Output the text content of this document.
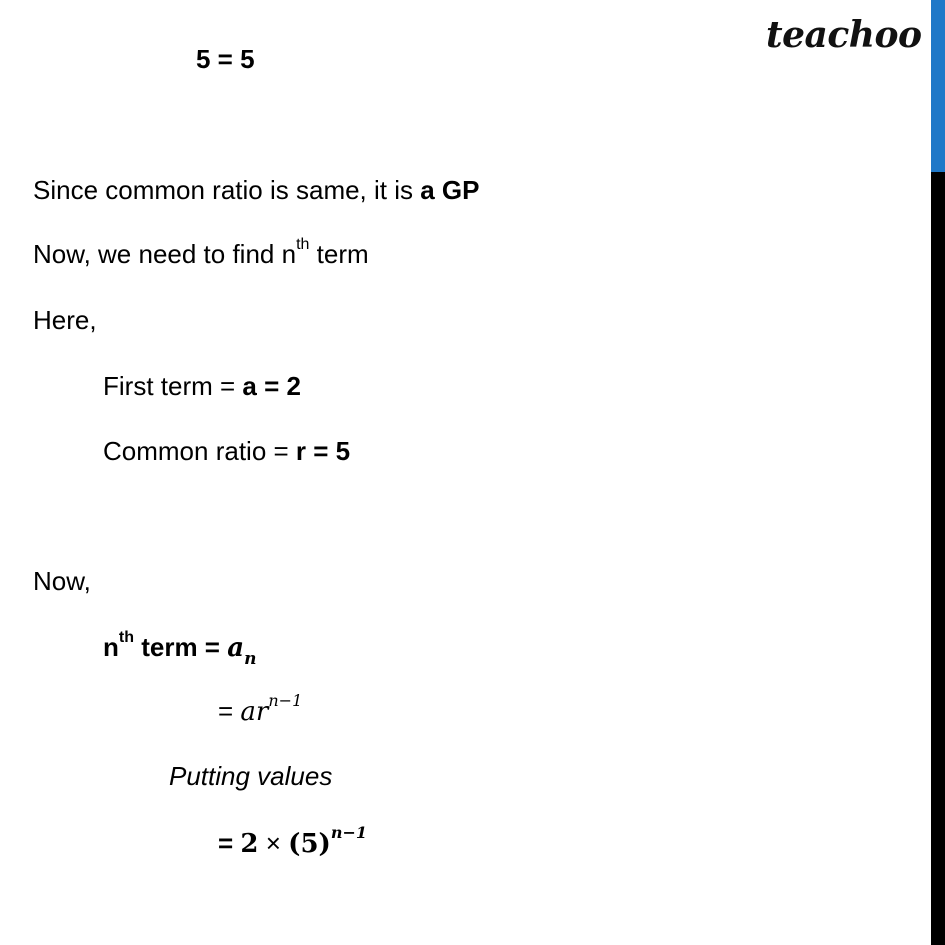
teachoo
5 = 5
Since common ratio is same, it is a GP
Now, we need to find $n^{th}$ term
Here,
First term = a = 2
Common ratio = r = 5
Now,
$n^{th}$ term = $a_n$
= $ar^{n-1}$
Putting values
= $2 \times (5)^{n-1}$
